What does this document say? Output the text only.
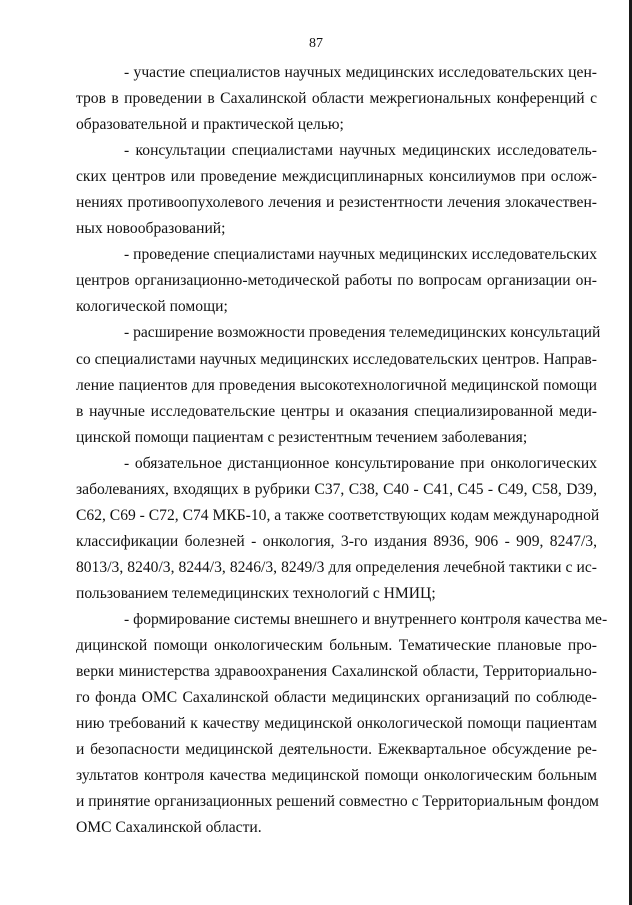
87

- участие специалистов научных медицинских исследовательских цен-
тров в проведении в Сахалинской области межрегиональных конференций с
образовательной и практической целью;

- консультации специалистами научных медицинских исследователь-
ских центров или проведение междисциплинарных консилиумов при ослож-
нениях противоопухолевого лечения и резистентности лечения злокачествен-
ных новообразований;

- проведение специалистами научных медицинских исследовательских
центров организационно-методической работы по вопросам организации он-
кологической помощи;

- расширение возможности проведения телемедицинских консультаций
со специалистами научных медицинских исследовательских центров. Направ-
ление пациентов для проведения высокотехнологичной медицинской помощи
в научные исследовательские центры и оказания специализированной меди-
цинской помощи пациентам с резистентным течением заболевания;

- обязательное дистанционное консультирование при онкологических
заболеваниях, входящих в рубрики С37, С38, С40 - С41, С45 - С49, С58, D39,
С62, С69 - С72, С74 МКБ-10, а также соответствующих кодам международной
классификации болезней - онкология, 3-го издания 8936, 906 - 909, 8247/3,
8013/3, 8240/3, 8244/3, 8246/3, 8249/3 для определения лечебной тактики с ис-
пользованием телемедицинских технологий с НМИЦ;

- формирование системы внешнего и внутреннего контроля качества ме-
дицинской помощи онкологическим больным. Тематические плановые про-
верки министерства здравоохранения Сахалинской области, Территориально-
го фонда ОМС Сахалинской области медицинских организаций по соблюде-
нию требований к качеству медицинской онкологической помощи пациентам
и безопасности медицинской деятельности. Ежеквартальное обсуждение ре-
зультатов контроля качества медицинской помощи онкологическим больным
и принятие организационных решений совместно с Территориальным фондом
ОМС Сахалинской области.
